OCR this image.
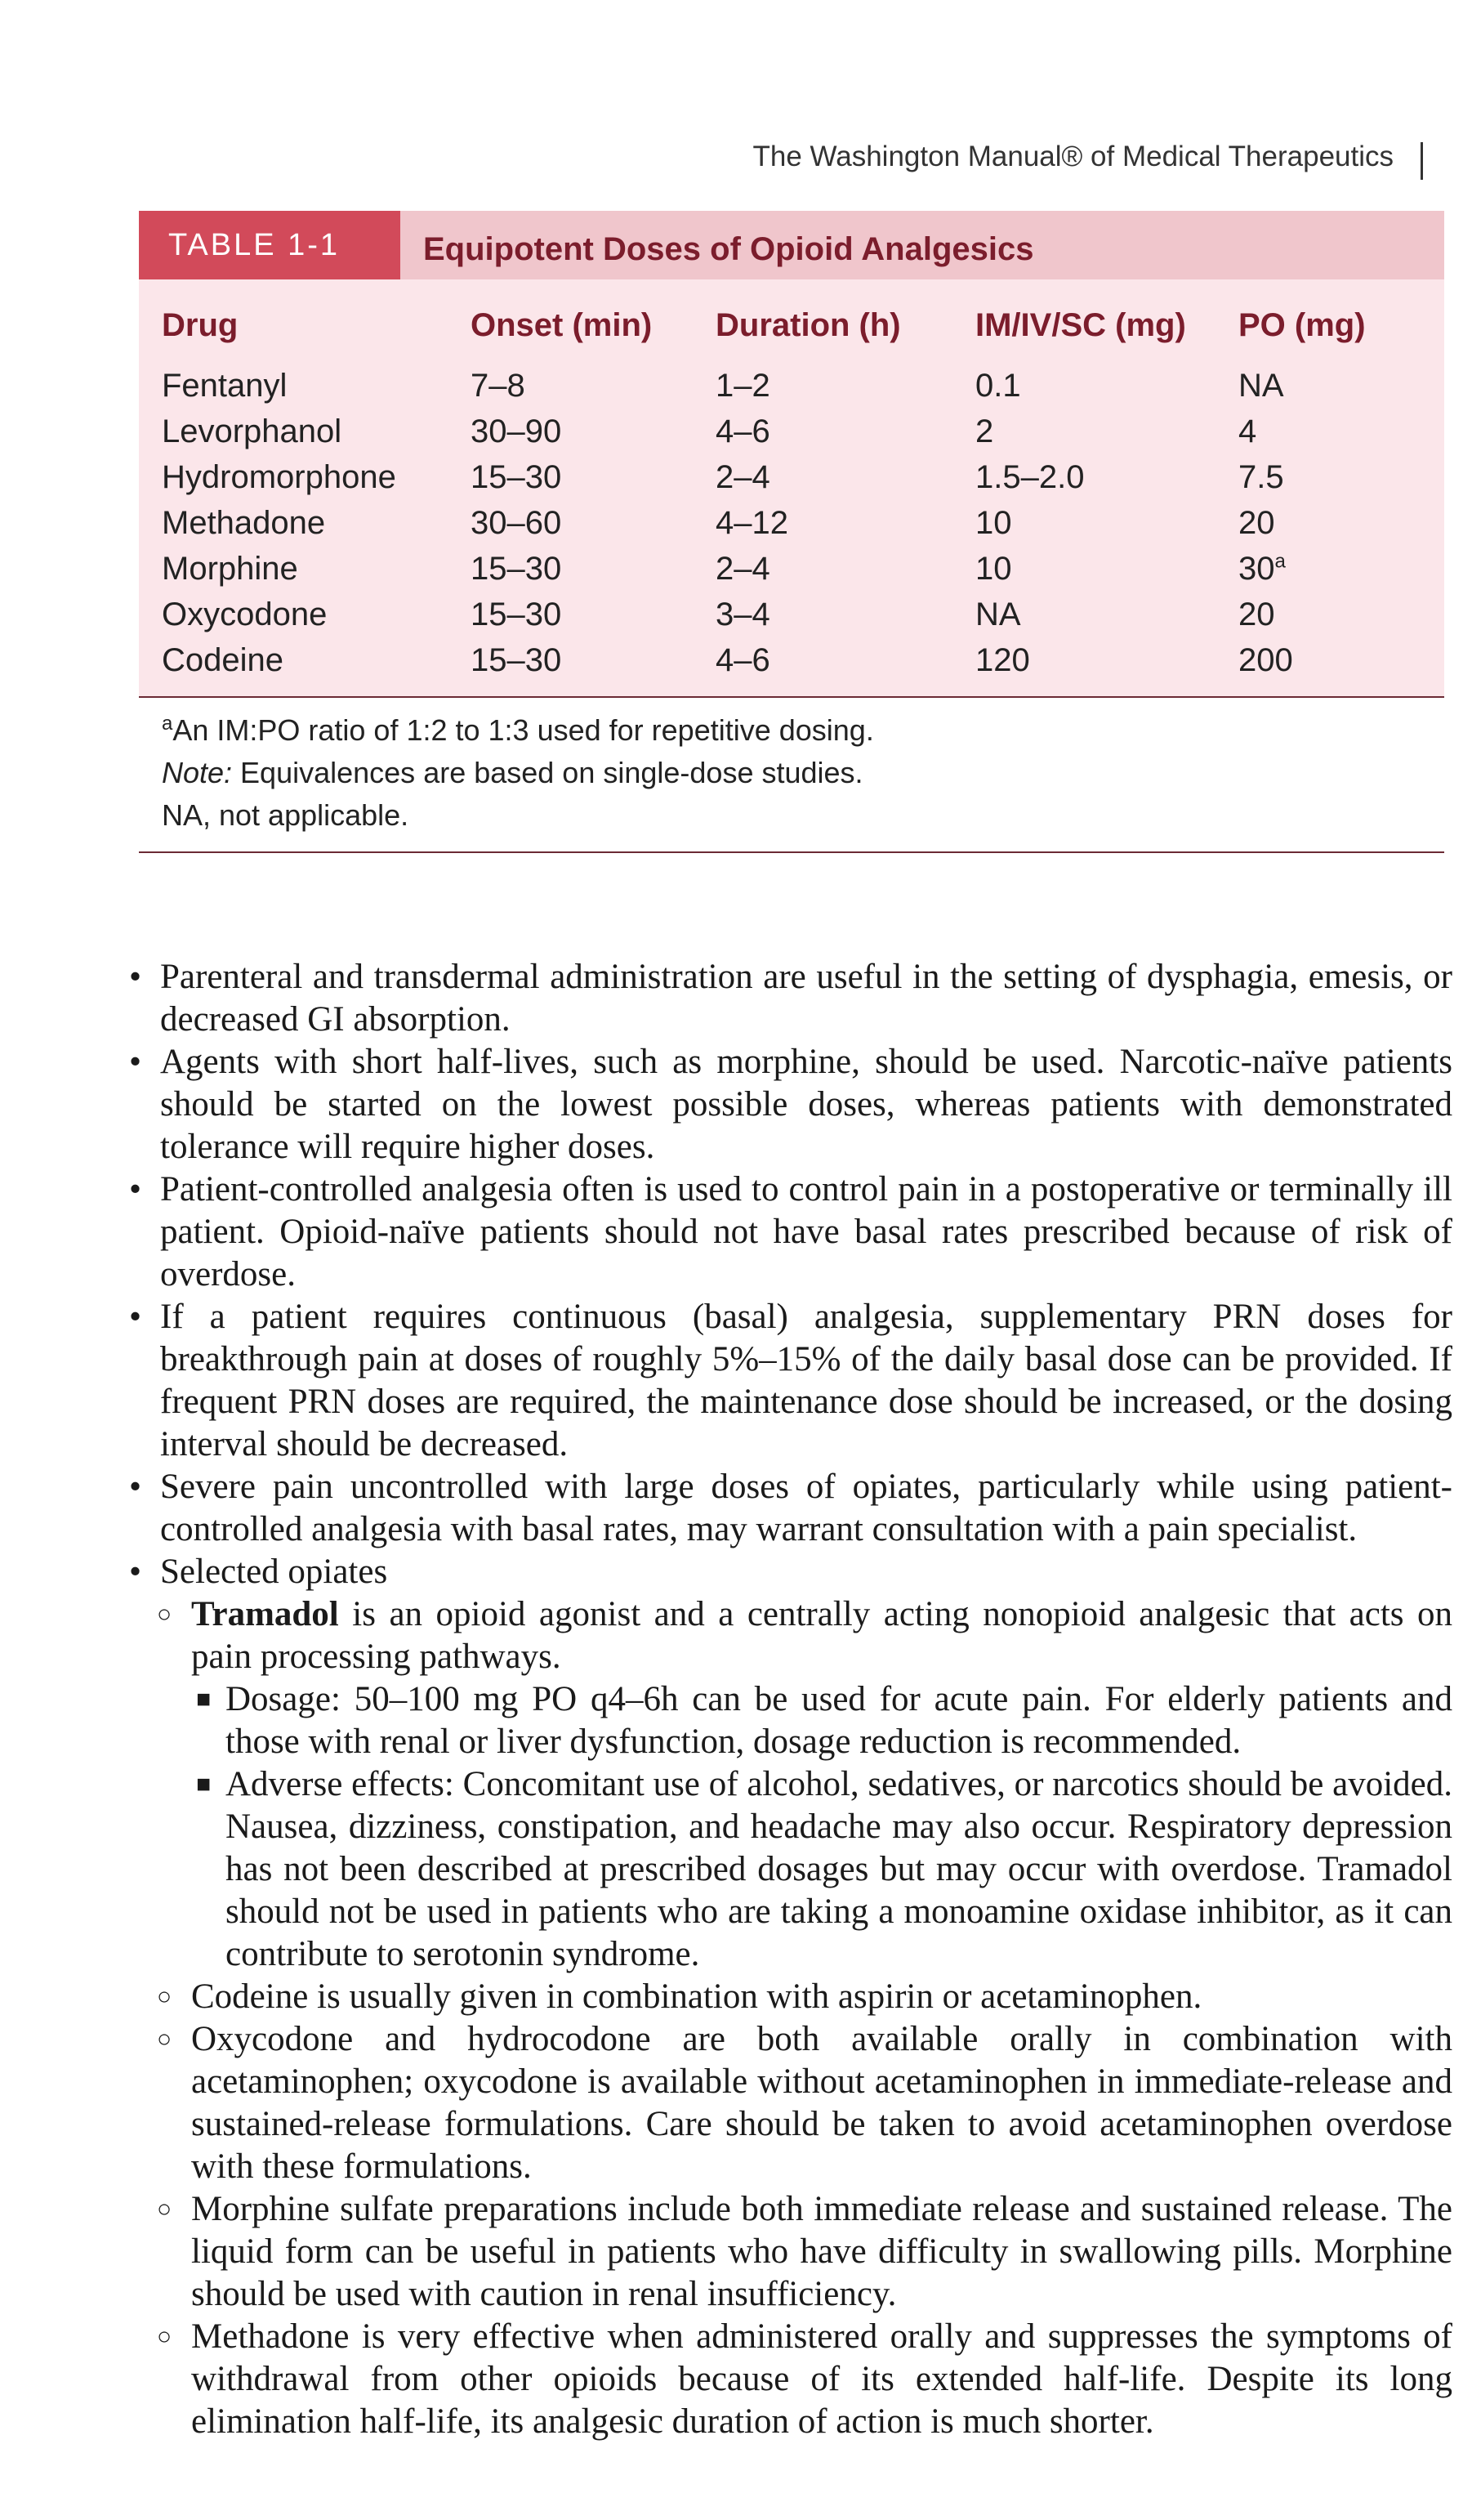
The Washington Manual® of Medical Therapeutics
TABLE 1-1	Equipotent Doses of Opioid Analgesics
Drug	Onset (min)	Duration (h)	IM/IV/SC (mg)	PO (mg)
Fentanyl	7–8	1–2	0.1	NA
Levorphanol	30–90	4–6	2	4
Hydromorphone	15–30	2–4	1.5–2.0	7.5
Methadone	30–60	4–12	10	20
Morphine	15–30	2–4	10	30$^a$
Oxycodone	15–30	3–4	NA	20
Codeine	15–30	4–6	120	200
$^a$An IM:PO ratio of 1:2 to 1:3 used for repetitive dosing.
Note: Equivalences are based on single-dose studies.
NA, not applicable.
• Parenteral and transdermal administration are useful in the setting of dysphagia, emesis, or decreased GI absorption.
• Agents with short half-lives, such as morphine, should be used. Narcotic-naïve patients should be started on the lowest possible doses, whereas patients with demonstrated tolerance will require higher doses.
• Patient-controlled analgesia often is used to control pain in a postoperative or terminally ill patient. Opioid-naïve patients should not have basal rates prescribed because of risk of overdose.
• If a patient requires continuous (basal) analgesia, supplementary PRN doses for breakthrough pain at doses of roughly 5%–15% of the daily basal dose can be provided. If frequent PRN doses are required, the maintenance dose should be increased, or the dosing interval should be decreased.
• Severe pain uncontrolled with large doses of opiates, particularly while using patient-controlled analgesia with basal rates, may warrant consultation with a pain specialist.
• Selected opiates
○ Tramadol is an opioid agonist and a centrally acting nonopioid analgesic that acts on pain processing pathways.
■ Dosage: 50–100 mg PO q4–6h can be used for acute pain. For elderly patients and those with renal or liver dysfunction, dosage reduction is recommended.
■ Adverse effects: Concomitant use of alcohol, sedatives, or narcotics should be avoided. Nausea, dizziness, constipation, and headache may also occur. Respiratory depression has not been described at prescribed dosages but may occur with overdose. Tramadol should not be used in patients who are taking a monoamine oxidase inhibitor, as it can contribute to serotonin syndrome.
○ Codeine is usually given in combination with aspirin or acetaminophen.
○ Oxycodone and hydrocodone are both available orally in combination with acetaminophen; oxycodone is available without acetaminophen in immediate-release and sustained-release formulations. Care should be taken to avoid acetaminophen overdose with these formulations.
○ Morphine sulfate preparations include both immediate release and sustained release. The liquid form can be useful in patients who have difficulty in swallowing pills. Morphine should be used with caution in renal insufficiency.
○ Methadone is very effective when administered orally and suppresses the symptoms of withdrawal from other opioids because of its extended half-life. Despite its long elimination half-life, its analgesic duration of action is much shorter.
